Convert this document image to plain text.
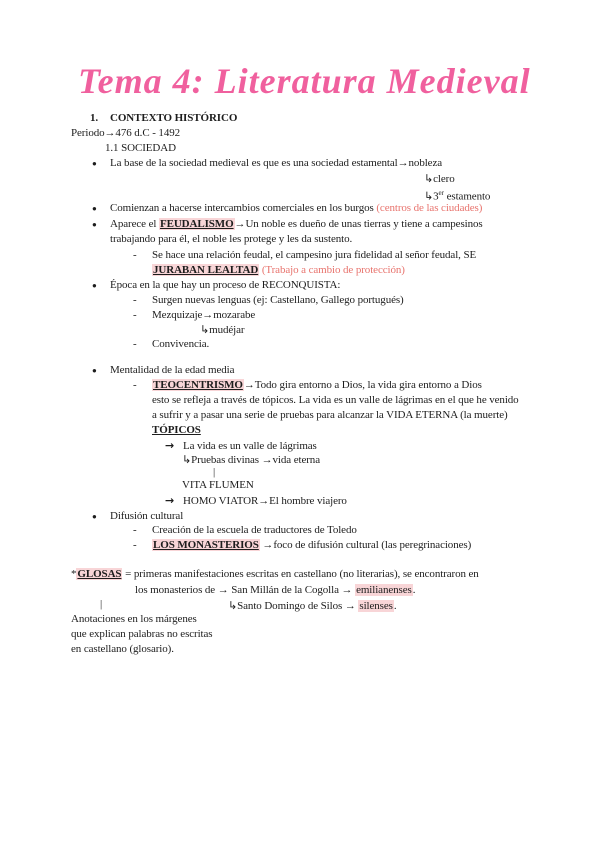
Tema 4: Literatura Medieval
1. CONTEXTO HISTÓRICO
Periodo→476 d.C - 1492
1.1 SOCIEDAD
● La base de la sociedad medieval es que es una sociedad estamental→nobleza
↳clero
↳3er estamento
● Comienzan a hacerse intercambios comerciales en los burgos (centros de las ciudades)
● Aparece el FEUDALISMO→Un noble es dueño de unas tierras y tiene a campesinos
trabajando para él, el noble les protege y les da sustento.
- Se hace una relación feudal, el campesino jura fidelidad al señor feudal, SE
JURABAN LEALTAD (Trabajo a cambio de protección)
● Época en la que hay un proceso de RECONQUISTA:
- Surgen nuevas lenguas (ej: Castellano, Gallego portugués)
- Mezquizaje→mozarabe
↳mudéjar
- Convivencia.
● Mentalidad de la edad media
- TEOCENTRISMO→Todo gira entorno a Dios, la vida gira entorno a Dios
esto se refleja a través de tópicos. La vida es un valle de lágrimas en el que he venido
a sufrir y a pasar una serie de pruebas para alcanzar la VIDA ETERNA (la muerte)
TÓPICOS
→ La vida es un valle de lágrimas
↳Pruebas divinas →vida eterna
|
VITA FLUMEN
→ HOMO VIATOR→El hombre viajero
● Difusión cultural
- Creación de la escuela de traductores de Toledo
- LOS MONASTERIOS →foco de difusión cultural (las peregrinaciones)
*GLOSAS = primeras manifestaciones escritas en castellano (no literarias), se encontraron en
los monasterios de → San Millán de la Cogolla → emilianenses.
|	↳Santo Domingo de Silos → silenses.
Anotaciones en los márgenes
que explican palabras no escritas
en castellano (glosario).
